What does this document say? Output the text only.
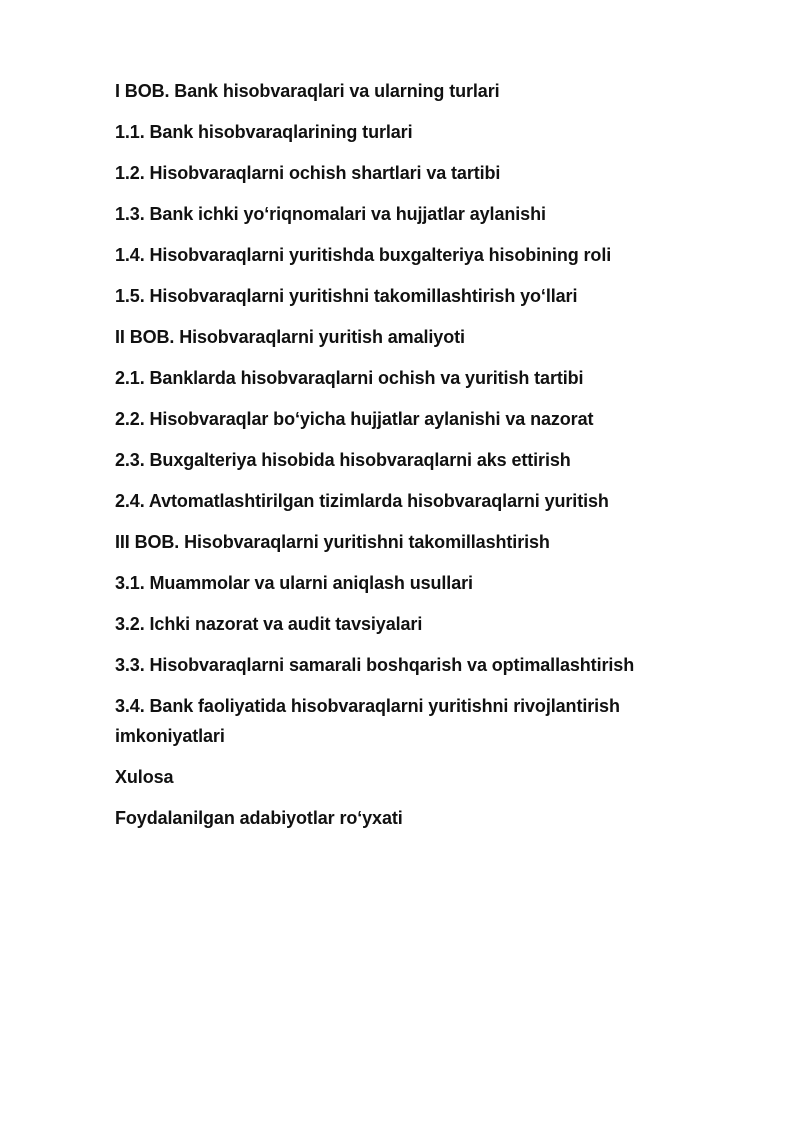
I BOB. Bank hisobvaraqlari va ularning turlari
1.1. Bank hisobvaraqlarining turlari
1.2. Hisobvaraqlarni ochish shartlari va tartibi
1.3. Bank ichki yo‘riqnomalari va hujjatlar aylanishi
1.4. Hisobvaraqlarni yuritishda buxgalteriya hisobining roli
1.5. Hisobvaraqlarni yuritishni takomillashtirish yo‘llari
II BOB. Hisobvaraqlarni yuritish amaliyoti
2.1. Banklarda hisobvaraqlarni ochish va yuritish tartibi
2.2. Hisobvaraqlar bo‘yicha hujjatlar aylanishi va nazorat
2.3. Buxgalteriya hisobida hisobvaraqlarni aks ettirish
2.4. Avtomatlashtirilgan tizimlarda hisobvaraqlarni yuritish
III BOB. Hisobvaraqlarni yuritishni takomillashtirish
3.1. Muammolar va ularni aniqlash usullari
3.2. Ichki nazorat va audit tavsiyalari
3.3. Hisobvaraqlarni samarali boshqarish va optimallashtirish
3.4. Bank faoliyatida hisobvaraqlarni yuritishni rivojlantirish imkoniyatlari
Xulosa
Foydalanilgan adabiyotlar ro‘yxati
